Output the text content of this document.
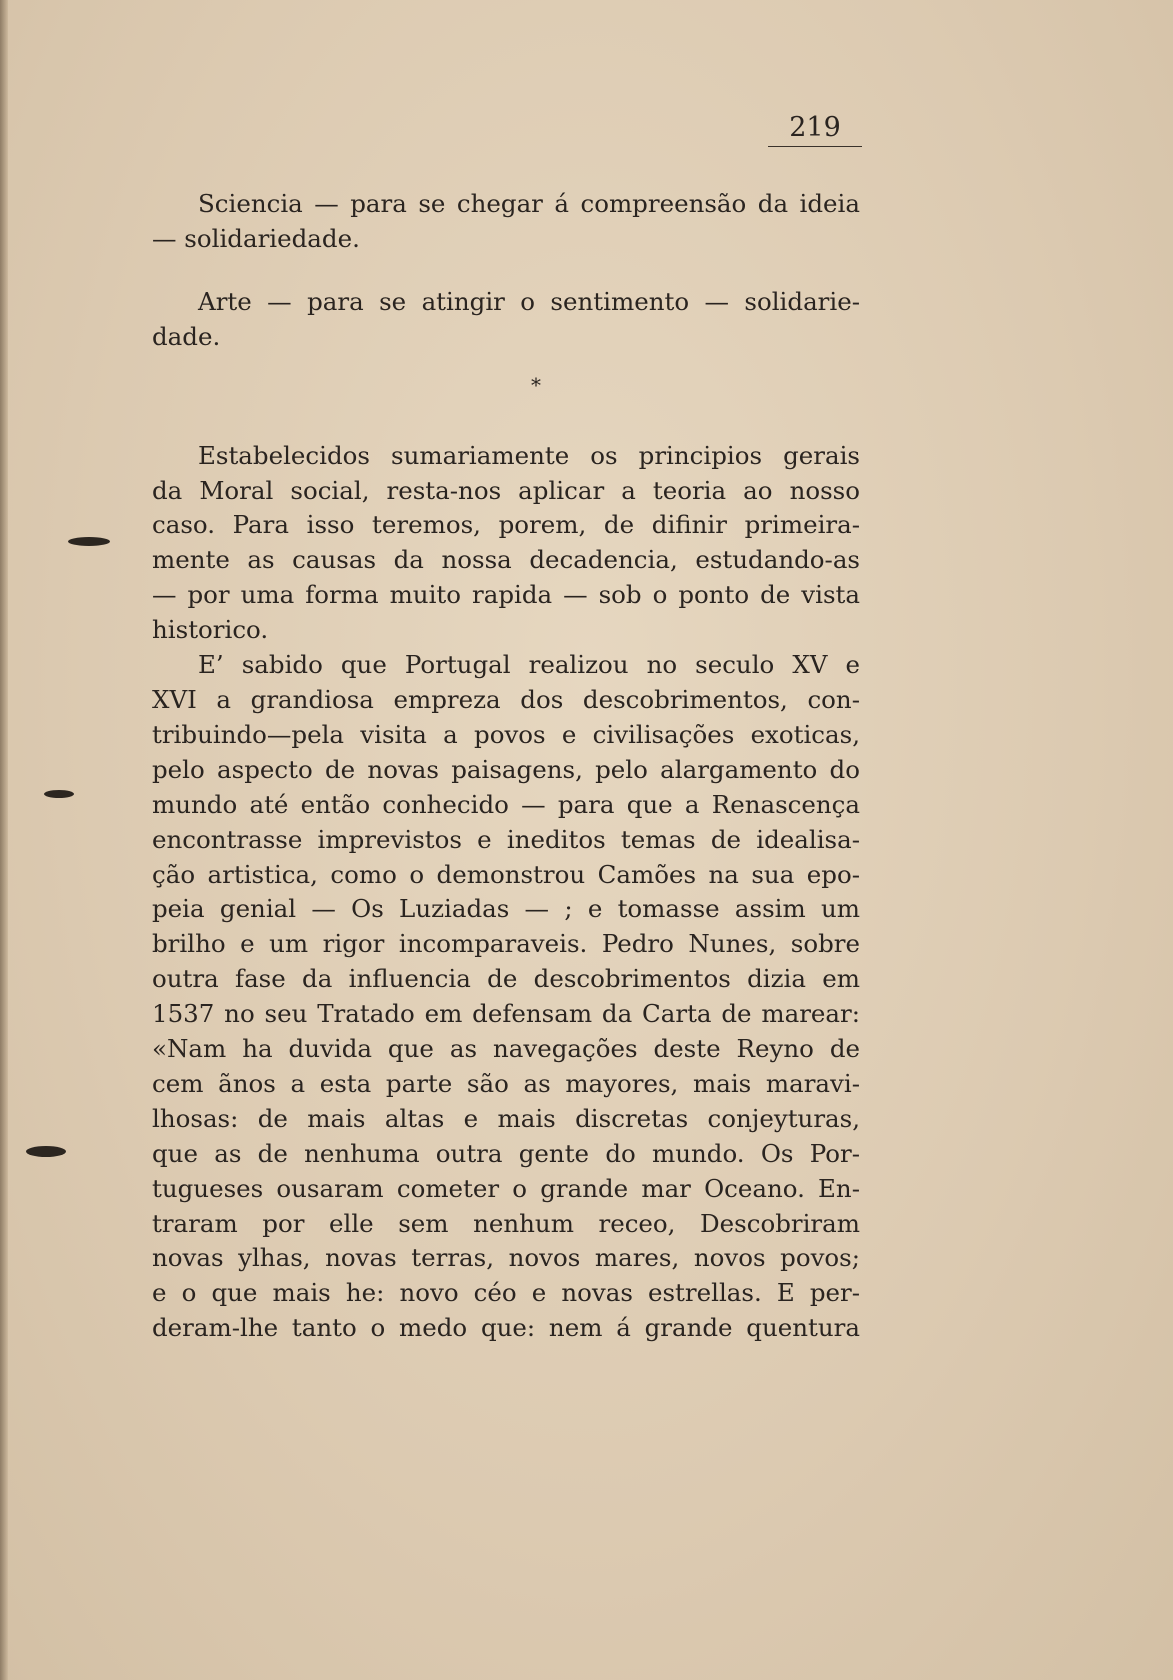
219
Sciencia — para se chegar á compreensão da ideia
— solidariedade.
Arte — para se atingir o sentimento — solidarie-
dade.
*
Estabelecidos sumariamente os principios gerais
da Moral social, resta-nos aplicar a teoria ao nosso
caso. Para isso teremos, porem, de difinir primeira-
mente as causas da nossa decadencia, estudando-as
— por uma forma muito rapida — sob o ponto de vista
historico.
E’ sabido que Portugal realizou no seculo XV e
XVI a grandiosa empreza dos descobrimentos, con-
tribuindo—pela visita a povos e civilisações exoticas,
pelo aspecto de novas paisagens, pelo alargamento do
mundo até então conhecido — para que a Renascença
encontrasse imprevistos e ineditos temas de idealisa-
ção artistica, como o demonstrou Camões na sua epo-
peia genial — Os Luziadas — ; e tomasse assim um
brilho e um rigor incomparaveis. Pedro Nunes, sobre
outra fase da influencia de descobrimentos dizia em
1537 no seu Tratado em defensam da Carta de marear:
«Nam ha duvida que as navegações deste Reyno de
cem ãnos a esta parte são as mayores, mais maravi-
lhosas: de mais altas e mais discretas conjeyturas,
que as de nenhuma outra gente do mundo. Os Por-
tugueses ousaram cometer o grande mar Oceano. En-
traram por elle sem nenhum receo, Descobriram
novas ylhas, novas terras, novos mares, novos povos;
e o que mais he: novo céo e novas estrellas. E per-
deram-lhe tanto o medo que: nem á grande quentura
